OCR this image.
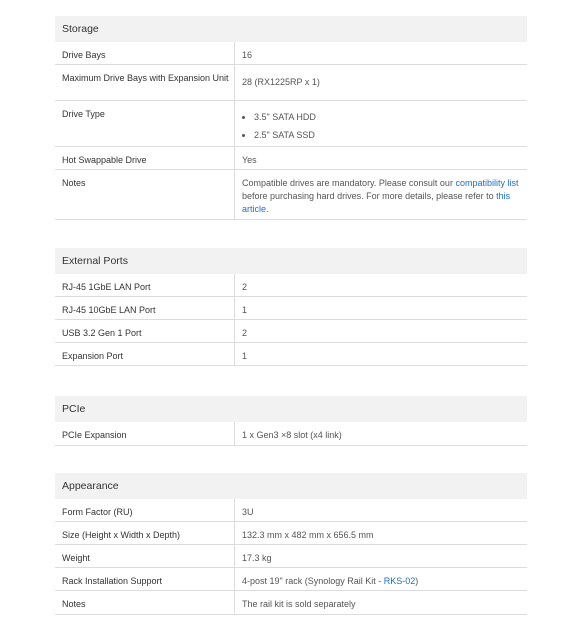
Storage
Drive Bays	16
Maximum Drive Bays with Expansion Unit	28 (RX1225RP x 1)
Drive Type	• 3.5" SATA HDD
• 2.5" SATA SSD
Hot Swappable Drive	Yes
Notes	Compatible drives are mandatory. Please consult our compatibility list before purchasing hard drives. For more details, please refer to this article.
External Ports
RJ-45 1GbE LAN Port	2
RJ-45 10GbE LAN Port	1
USB 3.2 Gen 1 Port	2
Expansion Port	1
PCIe
PCIe Expansion	1 x Gen3 ×8 slot (x4 link)
Appearance
Form Factor (RU)	3U
Size (Height x Width x Depth)	132.3 mm x 482 mm x 656.5 mm
Weight	17.3 kg
Rack Installation Support	4-post 19" rack (Synology Rail Kit - RKS-02)
Notes	The rail kit is sold separately
